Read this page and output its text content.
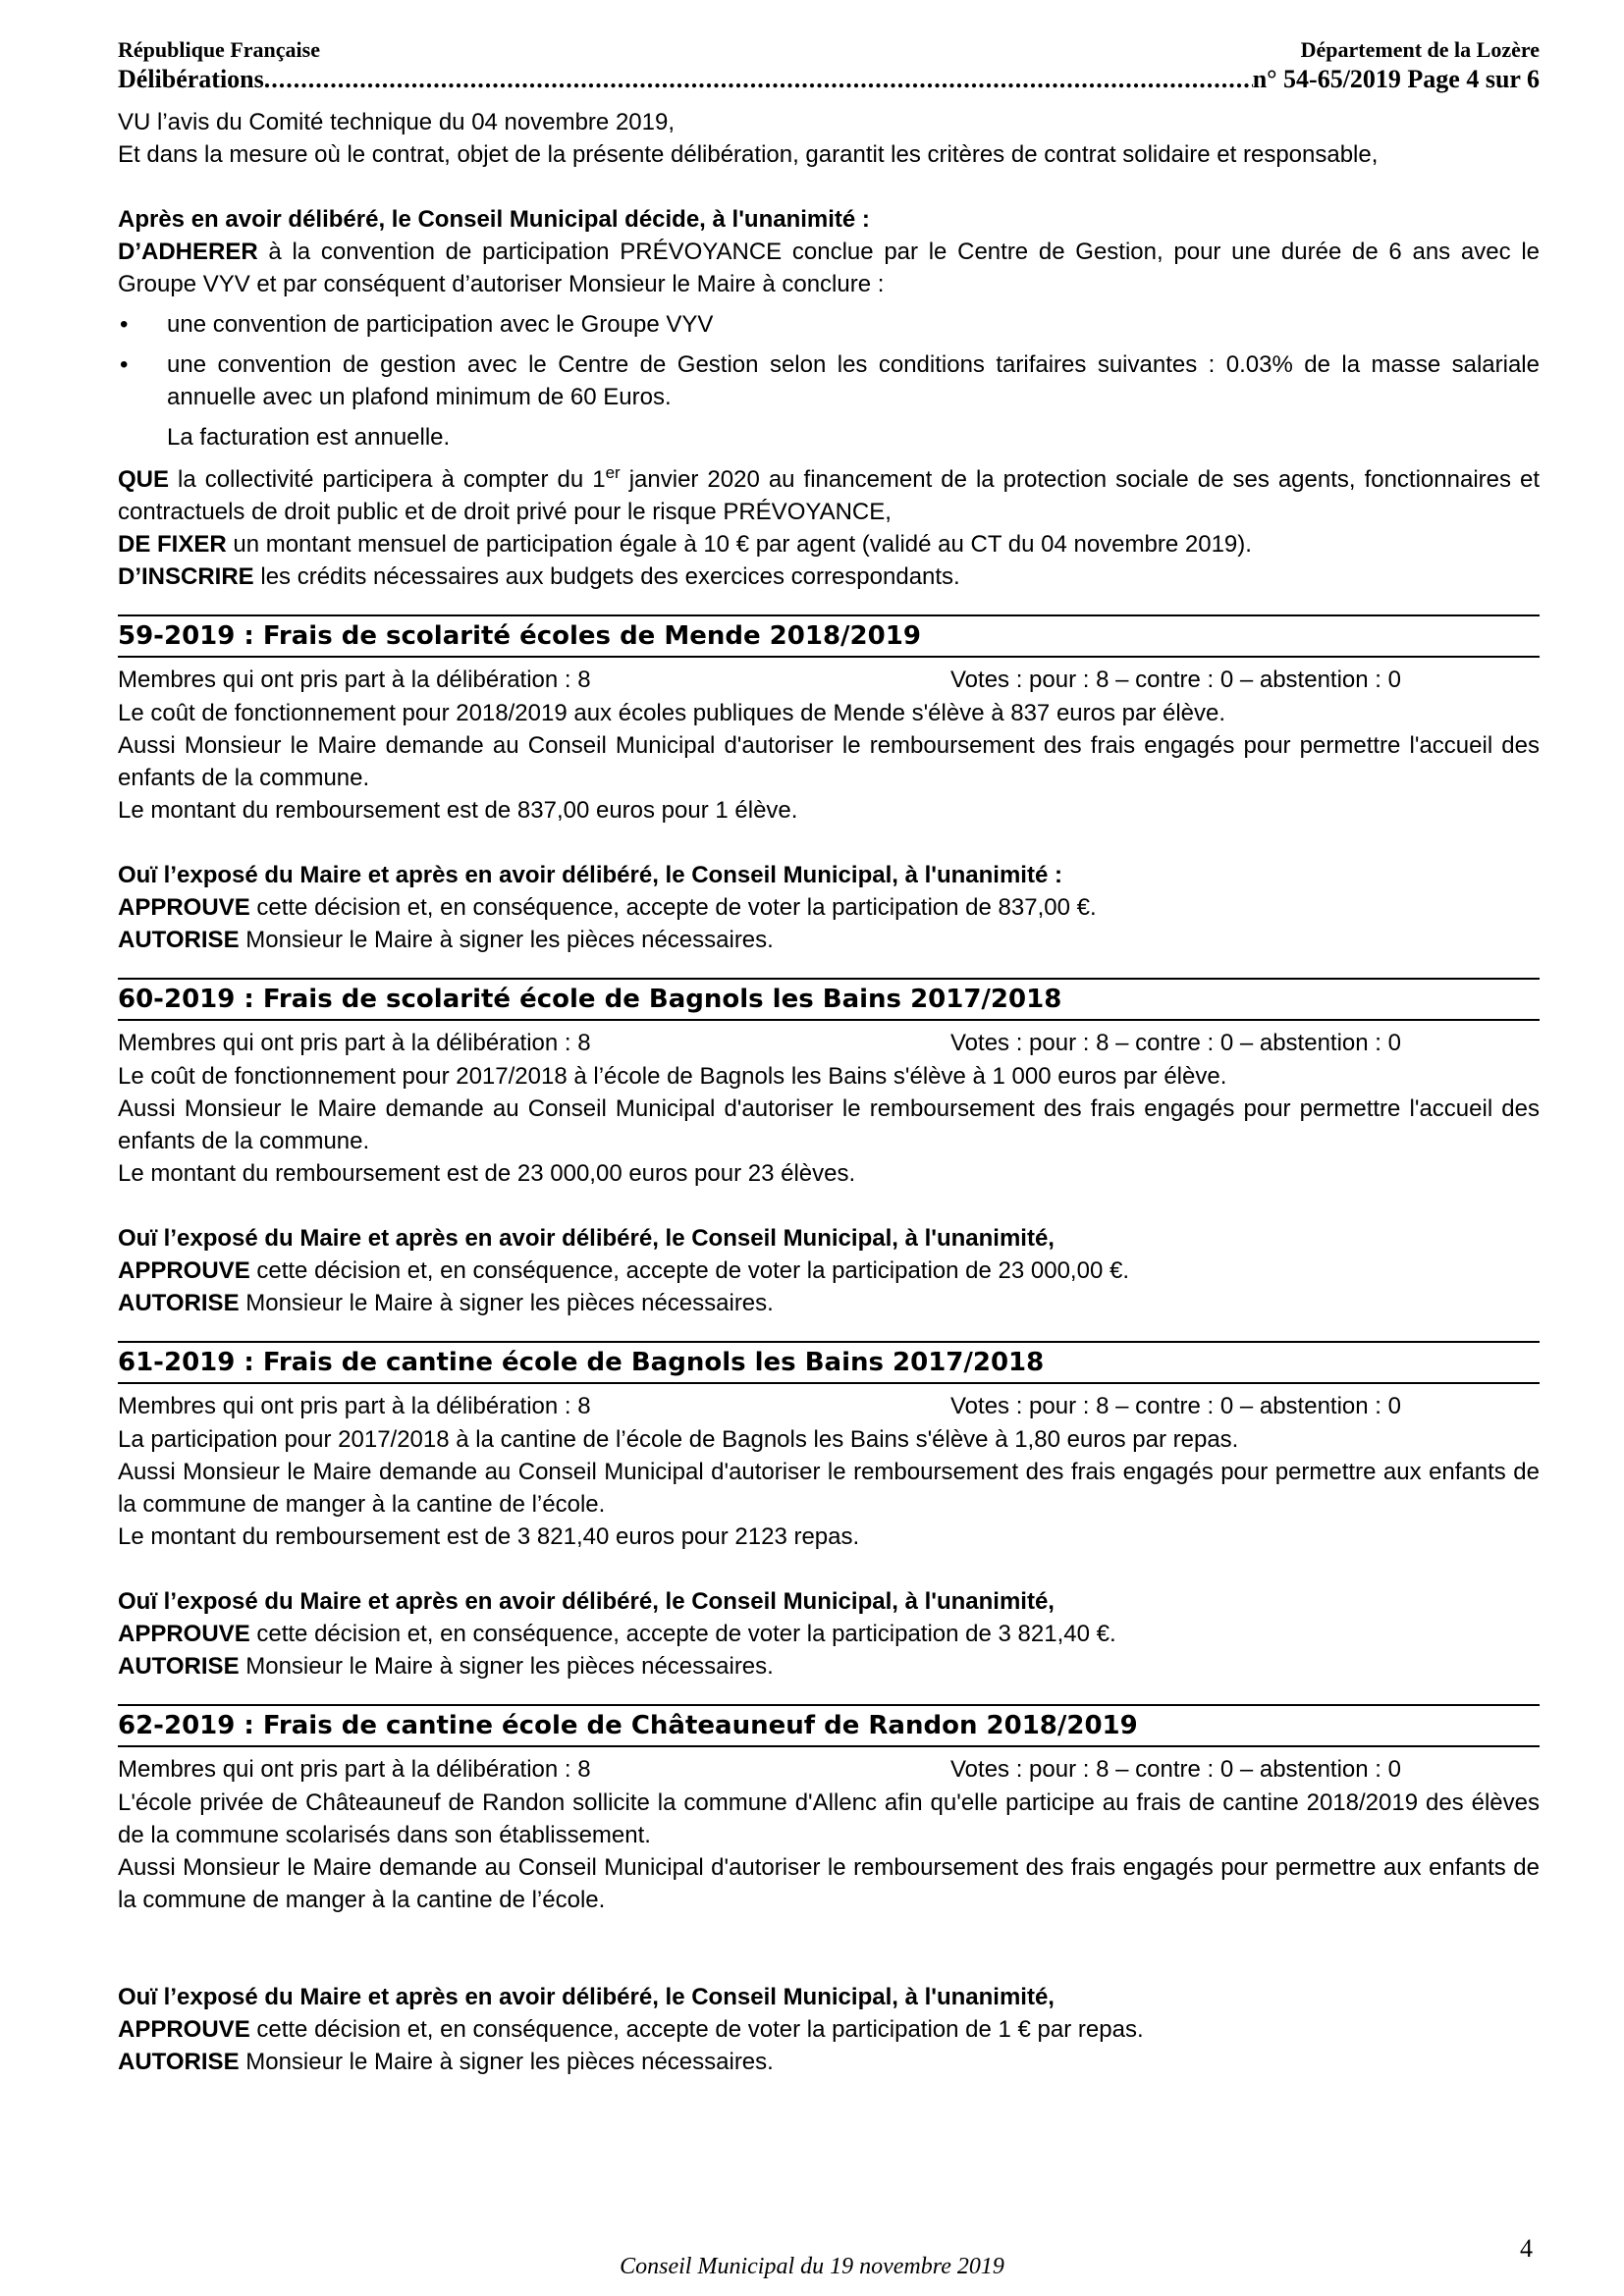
République Française	Département de la Lozère
Délibérations
.....	n° 54-65/2019 Page 4 sur 6

VU l’avis du Comité technique du 04 novembre 2019,

Et dans la mesure où le contrat, objet de la présente délibération, garantit les critères de contrat solidaire et responsable,

Après en avoir délibéré, le Conseil Municipal décide, à l'unanimité :

D’ADHERER à la convention de participation PRÉVOYANCE conclue par le Centre de Gestion, pour une durée de 6 ans avec le Groupe VYV et par conséquent d’autoriser Monsieur le Maire à conclure :

• une convention de participation avec le Groupe VYV
• une convention de gestion avec le Centre de Gestion selon les conditions tarifaires suivantes : 0.03% de la masse salariale annuelle avec un plafond minimum de 60 Euros.

La facturation est annuelle.

QUE la collectivité participera à compter du 1er janvier 2020 au financement de la protection sociale de ses agents, fonctionnaires et contractuels de droit public et de droit privé pour le risque PRÉVOYANCE,

DE FIXER un montant mensuel de participation égale à 10 € par agent (validé au CT du 04 novembre 2019).

D’INSCRIRE les crédits nécessaires aux budgets des exercices correspondants.

59-2019 : Frais de scolarité écoles de Mende 2018/2019
Membres qui ont pris part à la délibération : 8	Votes : pour : 8 – contre : 0 – abstention : 0

Le coût de fonctionnement pour 2018/2019 aux écoles publiques de Mende s'élève à 837 euros par élève.

Aussi Monsieur le Maire demande au Conseil Municipal d'autoriser le remboursement des frais engagés pour permettre l'accueil des enfants de la commune.

Le montant du remboursement est de 837,00 euros pour 1 élève.

Ouï l’exposé du Maire et après en avoir délibéré, le Conseil Municipal, à l'unanimité :

APPROUVE cette décision et, en conséquence, accepte de voter la participation de 837,00 €.

AUTORISE Monsieur le Maire à signer les pièces nécessaires.

60-2019 : Frais de scolarité école de Bagnols les Bains 2017/2018
Membres qui ont pris part à la délibération : 8	Votes : pour : 8 – contre : 0 – abstention : 0

Le coût de fonctionnement pour 2017/2018 à l’école de Bagnols les Bains s'élève à 1 000 euros par élève.

Aussi Monsieur le Maire demande au Conseil Municipal d'autoriser le remboursement des frais engagés pour permettre l'accueil des enfants de la commune.

Le montant du remboursement est de 23 000,00 euros pour 23 élèves.

Ouï l’exposé du Maire et après en avoir délibéré, le Conseil Municipal, à l'unanimité,

APPROUVE cette décision et, en conséquence, accepte de voter la participation de 23 000,00 €.

AUTORISE Monsieur le Maire à signer les pièces nécessaires.

61-2019 : Frais de cantine école de Bagnols les Bains 2017/2018
Membres qui ont pris part à la délibération : 8	Votes : pour : 8 – contre : 0 – abstention : 0

La participation pour 2017/2018 à la cantine de l’école de Bagnols les Bains s'élève à 1,80 euros par repas.

Aussi Monsieur le Maire demande au Conseil Municipal d'autoriser le remboursement des frais engagés pour permettre aux enfants de la commune de manger à la cantine de l’école.

Le montant du remboursement est de 3 821,40 euros pour 2123 repas.

Ouï l’exposé du Maire et après en avoir délibéré, le Conseil Municipal, à l'unanimité,

APPROUVE cette décision et, en conséquence, accepte de voter la participation de 3 821,40 €.

AUTORISE Monsieur le Maire à signer les pièces nécessaires.

62-2019 : Frais de cantine école de Châteauneuf de Randon 2018/2019
Membres qui ont pris part à la délibération : 8	Votes : pour : 8 – contre : 0 – abstention : 0

L'école privée de Châteauneuf de Randon sollicite la commune d'Allenc afin qu'elle participe au frais de cantine 2018/2019 des élèves de la commune scolarisés dans son établissement.

Aussi Monsieur le Maire demande au Conseil Municipal d'autoriser le remboursement des frais engagés pour permettre aux enfants de la commune de manger à la cantine de l’école.

Ouï l’exposé du Maire et après en avoir délibéré, le Conseil Municipal, à l'unanimité,

APPROUVE cette décision et, en conséquence, accepte de voter la participation de 1 € par repas.

AUTORISE Monsieur le Maire à signer les pièces nécessaires.

4
Conseil Municipal du 19 novembre 2019
